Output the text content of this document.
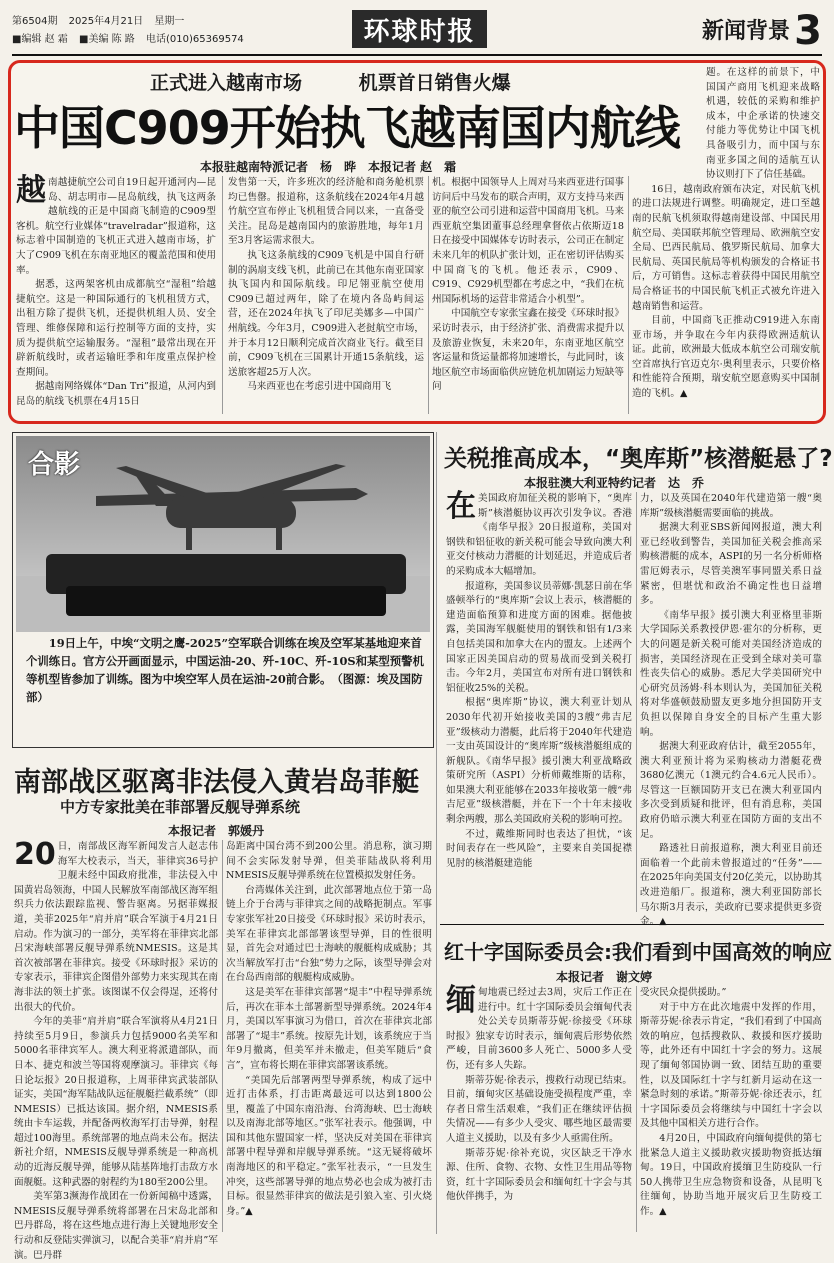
第6504期 2025年4月21日 星期一
■编辑 赵 霜 ■美编 陈 路 电话(010)65369574	环球时报	新闻背景 3
正式进入越南市场	机票首日销售火爆
中国C909开始执飞越南国内航线
本报驻越南特派记者　杨　晔　本报记者 赵　霜
越 南越捷航空公司自19日起开通河内—昆岛、胡志明市—昆岛航线，执飞这两条越航线的正是中国商飞制造的C909型客机。航空行业媒体“travelradar”报道称，这标志着中国制造的飞机正式进入越南市场，扩大了C909飞机在东南亚地区的覆盖范围和使用率。

据悉，这两架客机由成都航空“湿租”给越捷航空。这是一种国际通行的飞机租赁方式，出租方除了提供飞机，还提供机组人员、安全管理、维修保障和运行控制等方面的支持，实质为提供航空运输服务。“湿租”最常出现在开辟新航线时，或者运输旺季和年度重点保护检查期间。

据越南网络媒体“Dan Tri”报道，从河内到昆岛的航线飞机票在4月15日

发售第一天，许多班次的经济舱和商务舱机票均已售罄。报道称，这条航线在2024年4月越竹航空宣布停止飞机租赁合同以来，一直备受关注。昆岛是越南国内的旅游胜地，每年1月至3月客运需求很大。

执飞这条航线的C909飞机是中国自行研制的涡扇支线飞机，此前已在其他东南亚国家执飞国内和国际航线。印尼翎亚航空使用C909已超过两年，除了在境内各岛屿间运营，还在2024年执飞了印尼美娜多—中国广州航线。今年3月，C909进入老挝航空市场，并于本月12日顺利完成首次商业飞行。截至目前，C909飞机在三国累计开通15条航线，运送旅客超25万人次。

马来西亚也在考虑引进中国商用飞

机。根据中国领导人上周对马来西亚进行国事访问后中马发布的联合声明，双方支持马来西亚的航空公司引进和运营中国商用飞机。马来西亚航空集团董事总经理拿督依占依斯迈18日在接受中国媒体专访时表示，公司正在制定未来几年的机队扩张计划，正在密切评估购买中国商飞的飞机。他还表示，C909、C919、C929机型都在考虑之中，“我们在杭州国际机场的运营非常适合小机型”。

中国航空专家张宝鑫在接受《环球时报》采访时表示，由于经济扩张、消费需求提升以及旅游业恢复，未来20年，东南亚地区航空客运量和货运量都将加速增长，与此同时，该地区航空市场面临供应链危机加剧运力短缺等问

题。在这样的前景下，中国国产商用飞机迎来战略机遇，较低的采购和维护成本，中企承诺的快速交付能力等优势让中国飞机具备吸引力，而中国与东南亚多国之间的适航互认协议则打下了信任基础。

16日，越南政府颁布决定，对民航飞机的进口法规进行调整。明确规定，进口至越南的民航飞机须取得越南建设部、中国民用航空局、美国联邦航空管理局、欧洲航空安全局、巴西民航局、俄罗斯民航局、加拿大民航局、英国民航局等机构颁发的合格证书后，方可销售。这标志着获得中国民用航空局合格证书的中国民航飞机正式被允许进入越南销售和运营。

目前，中国商飞正推动C919进入东南亚市场，并争取在今年内获得欧洲适航认证。此前，欧洲最大低成本航空公司瑞安航空首席执行官迈克尔·奥利里表示，只要价格和性能符合预期，瑞安航空愿意购买中国制造的飞机。▲

合影
19日上午，中埃“文明之鹰-2025”空军联合训练在埃及空军某基地迎来首个训练日。官方公开画面显示，中国运油-20、歼-10C、歼-10S和某型预警机等机型皆参加了训练。图为中埃空军人员在运油-20前合影。　（图源：埃及国防部）
关税推高成本，“奥库斯”核潜艇悬了?
本报驻澳大利亚特约记者　达　乔
在 美国政府加征关税的影响下，“奥库斯”核潜艇协议再次引发争议。香港《南华早报》20日报道称，美国对钢铁和铝征收的新关税可能会导致向澳大利亚交付核动力潜艇的计划延迟，并造成后者的采购成本大幅增加。

报道称，美国参议员蒂娜·凯瑟日前在华盛顿举行的“奥库斯”会议上表示，核潜艇的建造面临预算和进度方面的困难。据他披露，美国海军舰艇使用的钢铁和铝有1/3来自包括美国和加拿大在内的盟友。上述两个国家正因美国启动的贸易战而受到关税打击。今年2月，美国宣布对所有进口钢铁和铝征收25%的关税。

根据“奥库斯”协议，澳大利亚计划从2030年代初开始接收美国的3艘“弗吉尼亚”级核动力潜艇，此后将于2040年代建造一支由英国设计的“奥库斯”级核潜艇组成的新舰队。《南华早报》援引澳大利亚战略政策研究所（ASPI）分析师戴维斯的话称，如果澳大利亚能够在2033年接收第一艘“弗吉尼亚”级核潜艇，并在下一个十年末接收剩余两艘，那么美国政府关税的影响可控。

不过，戴维斯同时也表达了担忧，“该时间表存在一些风险”，主要来自美国捉襟见肘的核潜艇建造能

力，以及英国在2040年代建造第一艘“奥库斯”级核潜艇需要面临的挑战。

据澳大利亚SBS新闻网报道，澳大利亚已经收到警告，美国加征关税会推高采购核潜艇的成本，ASPI的另一名分析师格雷厄姆表示，尽管美澳军事同盟关系日益紧密，但堪忧和政治不确定性也日益增多。

《南华早报》援引澳大利亚格里菲斯大学国际关系教授伊恩·霍尔的分析称，更大的问题是新关税可能对美国经济造成的损害，美国经济现在正受到全球对美可靠性丧失信心的威胁。悉尼大学美国研究中心研究员汤姆·科本则认为，美国加征关税将对华盛顿鼓励盟友更多地分担国防开支负担以保障自身安全的目标产生重大影响。

据澳大利亚政府估计，截至2055年，澳大利亚预计将为采购核动力潜艇花费3680亿澳元（1澳元约合4.6元人民币）。尽管这一巨额国防开支已在澳大利亚国内多次受到质疑和批评，但有消息称，美国政府仍暗示澳大利亚在国防方面的支出不足。

路透社日前报道称，澳大利亚目前还面临着一个此前未曾报道过的“任务”——在2025年向美国支付20亿美元，以协助其改进造船厂。报道称，澳大利亚国防部长马尔斯3月表示，美政府已要求提供更多资金。▲

南部战区驱离非法侵入黄岩岛菲艇
中方专家批美在菲部署反舰导弹系统
本报记者　郭媛丹
20 日，南部战区海军新闻发言人赵志伟海军大校表示，当天，菲律宾36号护卫舰未经中国政府批准，非法侵入中国黄岩岛领海，中国人民解放军南部战区海军组织兵力依法跟踪监视、警告驱离。另据菲媒报道，美菲2025年“肩并肩”联合军演于4月21日启动。作为演习的一部分，美军将在菲律宾北部吕宋海峡部署反舰导弹系统NMESIS。这是其首次被部署在菲律宾。接受《环球时报》采访的专家表示，菲律宾企图借外部势力来实现其在南海非法的领土扩张。该图谋不仅会得逞，还将付出很大的代价。

今年的美菲“肩并肩”联合军演将从4月21日持续至5月9日，参演兵力包括9000名美军和5000名菲律宾军人。澳大利亚将派遣部队，而日本、捷克和波兰等国将观摩演习。菲律宾《每日论坛报》20日报道称，上周菲律宾武装部队证实，美国“海军陆战队远征舰艇拦截系统”（即NMESIS）已抵达该国。据介绍，NMESIS系统由卡车运载，并配备两枚海军打击导弹，射程超过100海里。系统部署的地点尚未公布。据法新社介绍，NMESIS反舰导弹系统是一种高机动的近海反舰导弹，能够从陆基阵地打击敌方水面舰艇。这种武器的射程约为180至200公里。

美军第3濒海作战团在一份新闻稿中透露，NMESIS反舰导弹系统将部署在吕宋岛北部和巴丹群岛，将在这些地点进行海上关键地形安全行动和反登陆实弹演习，以配合美菲“肩并肩”军演。巴丹群

岛距离中国台湾不到200公里。消息称，演习期间不会实际发射导弹，但美菲陆战队将利用NMESIS反舰导弹系统在位置模拟发射任务。

台湾媒体关注到，此次部署地点位于第一岛链上介于台湾与菲律宾之间的战略扼制点。军事专家张军社20日接受《环球时报》采访时表示，美军在菲律宾北部部署该型导弹，目的性很明显，首先会对通过巴士海峡的舰艇构成威胁；其次当解放军打击“台独”势力之际，该型导弹会对在台岛西南部的舰艇构成威胁。

这是美军在菲律宾部署“堤丰”中程导弹系统后，再次在菲本土部署新型导弹系统。2024年4月，美国以军事演习为借口，首次在菲律宾北部部署了“堤丰”系统。按原先计划，该系统应于当年9月撤离，但美军并未撤走，但美军随后“食言”，宣布将长期在菲律宾部署该系统。

“美国先后部署两型导弹系统，构成了远中近打击体系，打击距离最远可以达到1800公里，覆盖了中国东南沿海、台湾海峡、巴士海峡以及南海北部等地区。”张军社表示。他强调，中国和其他东盟国家一样，坚决反对美国在菲律宾部署中程导弹和岸舰导弹系统。“这无疑将破坏南海地区的和平稳定。”张军社表示，“一旦发生冲突，这些部署导弹的地点势必也会成为被打击目标。很显然菲律宾的做法是引狼入室、引火烧身。”▲

红十字国际委员会:我们看到中国高效的响应
本报记者　谢文婷
缅 甸地震已经过去3周，灾后工作正在进行中。红十字国际委员会缅甸代表处公关专员斯蒂芬妮·徐接受《环球时报》独家专访时表示，缅甸震后形势依然严峻，目前3600多人死亡、5000多人受伤，还有多人失踪。

斯蒂芬妮·徐表示，搜救行动现已结束。目前，缅甸灾区基础设施受损程度严重，幸存者日常生活艰难，“我们正在继续评估损失情况——有多少人受灾、哪些地区最需要人道主义援助，以及有多少人亟需住所。

斯蒂芬妮·徐补充说，灾区缺乏干净水源、住所、食物、衣物、女性卫生用品等物资，红十字国际委员会和缅甸红十字会与其他伙伴携手，为

受灾民众提供援助。”

对于中方在此次地震中发挥的作用，斯蒂芬妮·徐表示肯定，“我们看到了中国高效的响应，包括搜救队、救援和医疗援助等，此外还有中国红十字会的努力。这展现了缅甸邻国协调一致、团结互助的重要性，以及国际红十字与红新月运动在这一紧急时刻的承诺。”斯蒂芬妮·徐还表示，红十字国际委员会将继续与中国红十字会以及其他中国相关方进行合作。

4月20日，中国政府向缅甸提供的第七批紧急人道主义援助救灾援助物资抵达缅甸。19日，中国政府援缅卫生防疫队一行50人携带卫生应急物资和设备，从昆明飞往缅甸，协助当地开展灾后卫生防疫工作。▲
